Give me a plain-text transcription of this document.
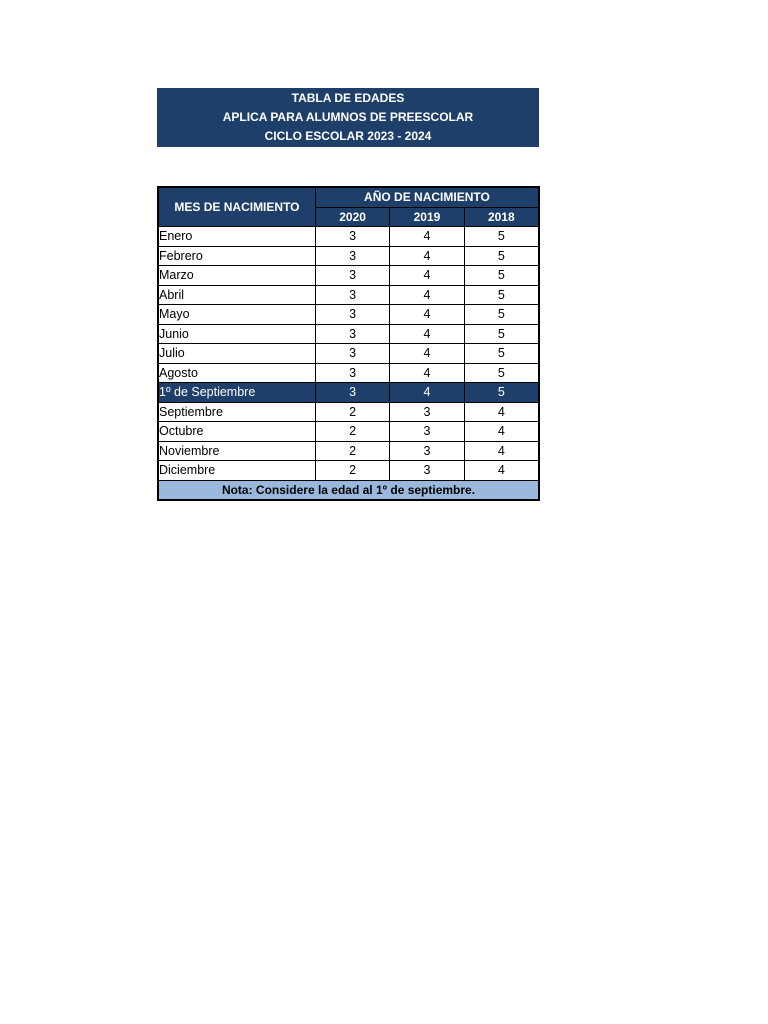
TABLA DE EDADES
APLICA PARA ALUMNOS DE PREESCOLAR
CICLO ESCOLAR 2023 - 2024
MES DE NACIMIENTO	AÑO DE NACIMIENTO		
	2020	2019	2018
Enero	3	4	5
Febrero	3	4	5
Marzo	3	4	5
Abril	3	4	5
Mayo	3	4	5
Junio	3	4	5
Julio	3	4	5
Agosto	3	4	5
1º de Septiembre	3	4	5
Septiembre	2	3	4
Octubre	2	3	4
Noviembre	2	3	4
Diciembre	2	3	4
Nota: Considere la edad al 1º de septiembre.			
